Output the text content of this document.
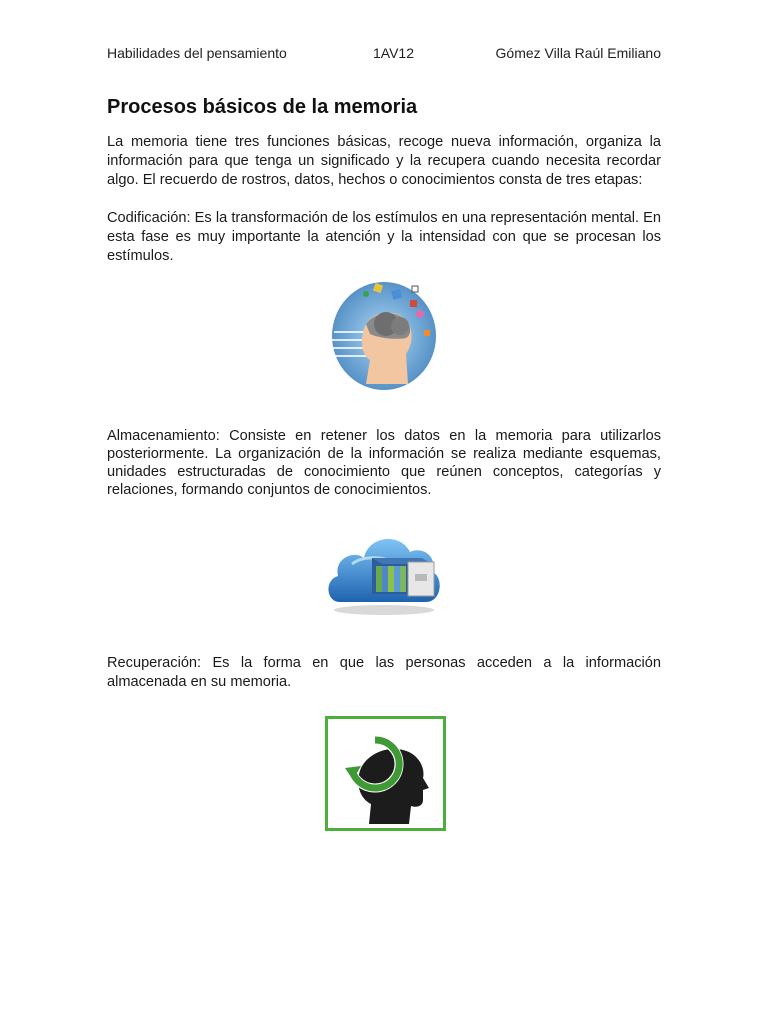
Habilidades del pensamiento	1AV12	Gómez Villa Raúl Emiliano
Procesos básicos de la memoria

La memoria tiene tres funciones básicas, recoge nueva información, organiza la información para que tenga un significado y la recupera cuando necesita recordar algo. El recuerdo de rostros, datos, hechos o conocimientos consta de tres etapas:

Codificación: Es la transformación de los estímulos en una representación mental. En esta fase es muy importante la atención y la intensidad con que se procesan los estímulos.

Almacenamiento: Consiste en retener los datos en la memoria para utilizarlos posteriormente. La organización de la información se realiza mediante esquemas, unidades estructuradas de conocimiento que reúnen conceptos, categorías y relaciones, formando conjuntos de conocimientos.

Recuperación: Es la forma en que las personas acceden a la información almacenada en su memoria.
